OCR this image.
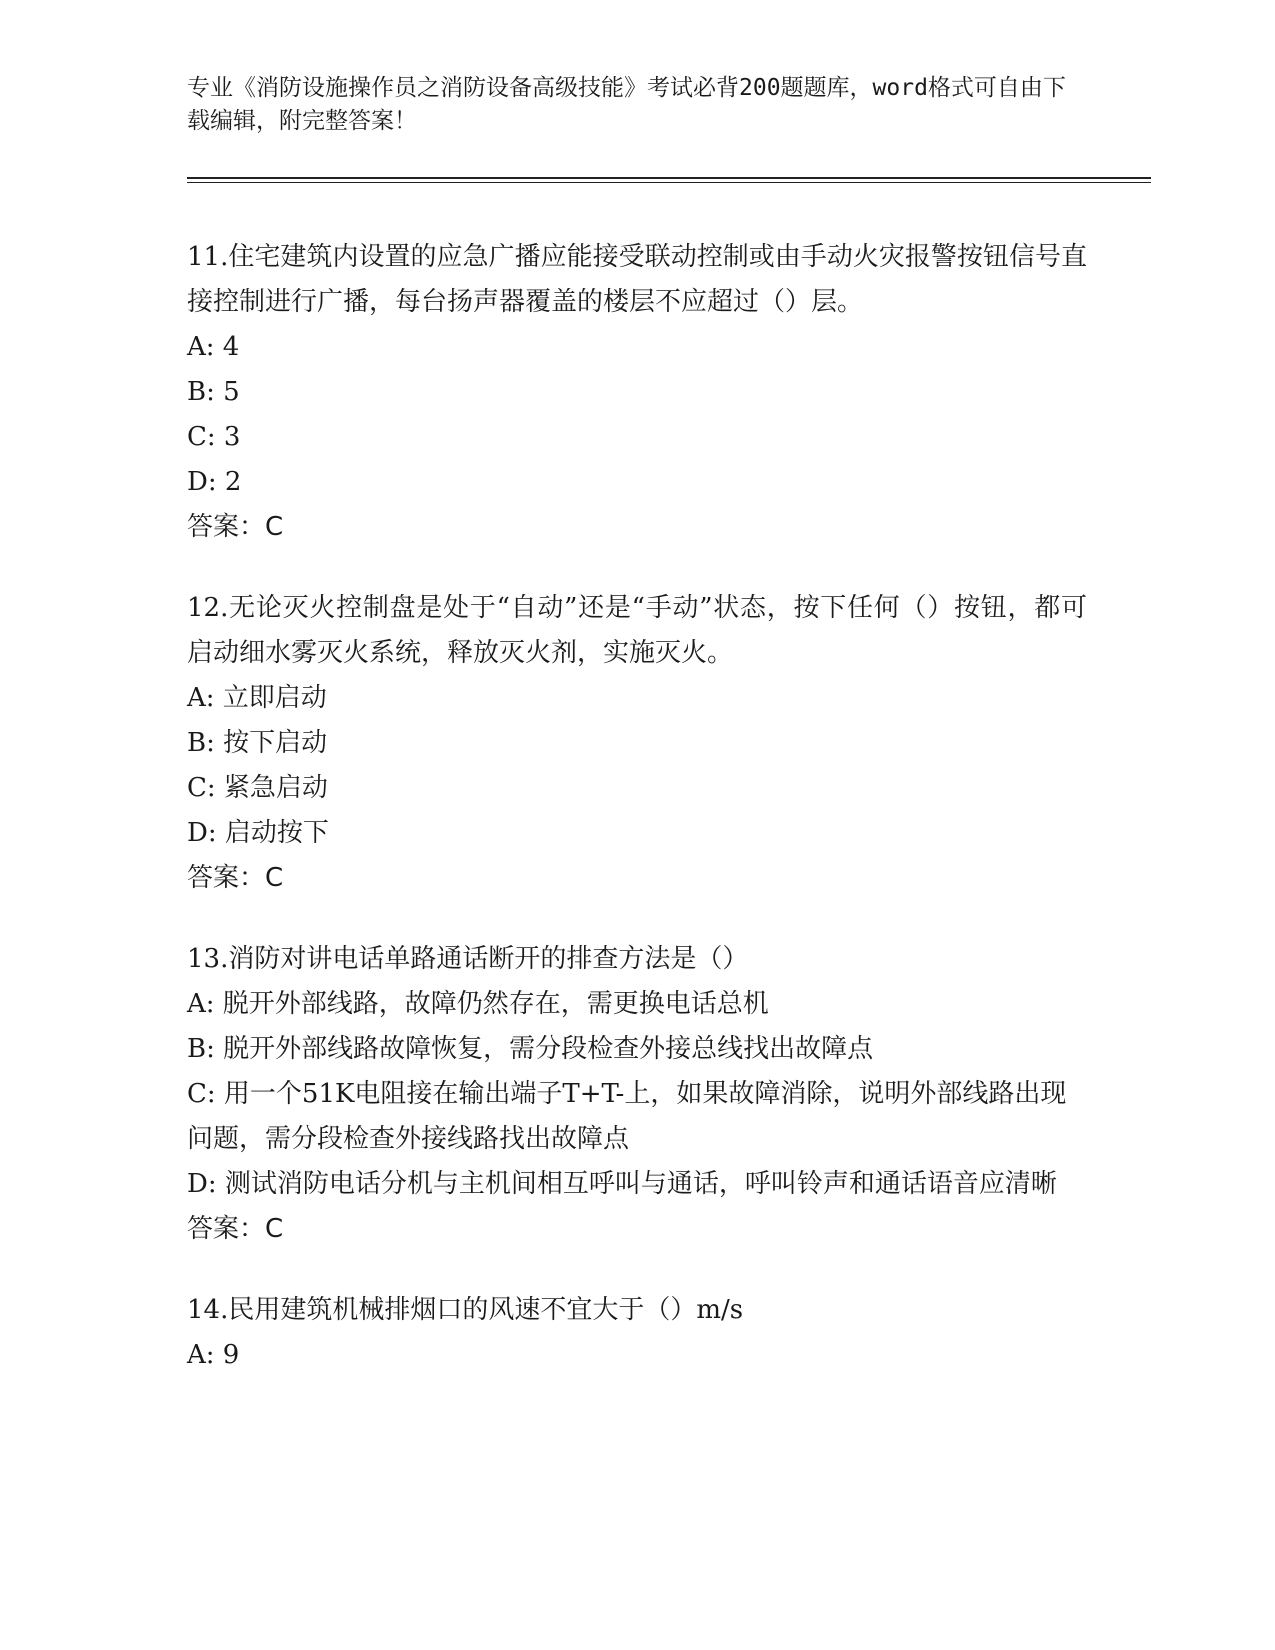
专业《消防设施操作员之消防设备高级技能》考试必背200题题库，word格式可自由下载编辑，附完整答案！

11.住宅建筑内设置的应急广播应能接受联动控制或由手动火灾报警按钮信号直接控制进行广播，每台扬声器覆盖的楼层不应超过（）层。

A: 4
B: 5
C: 3
D: 2
答案：C

12.无论灭火控制盘是处于“自动”还是“手动”状态，按下任何（）按钮，都可启动细水雾灭火系统，释放灭火剂，实施灭火。

A: 立即启动
B: 按下启动
C: 紧急启动
D: 启动按下
答案：C

13.消防对讲电话单路通话断开的排查方法是（）

A: 脱开外部线路，故障仍然存在，需更换电话总机
B: 脱开外部线路故障恢复，需分段检查外接总线找出故障点
C: 用一个51K电阻接在输出端子T+T-上，如果故障消除，说明外部线路出现问题，需分段检查外接线路找出故障点
D: 测试消防电话分机与主机间相互呼叫与通话，呼叫铃声和通话语音应清晰
答案：C

14.民用建筑机械排烟口的风速不宜大于（）m/s

A: 9
